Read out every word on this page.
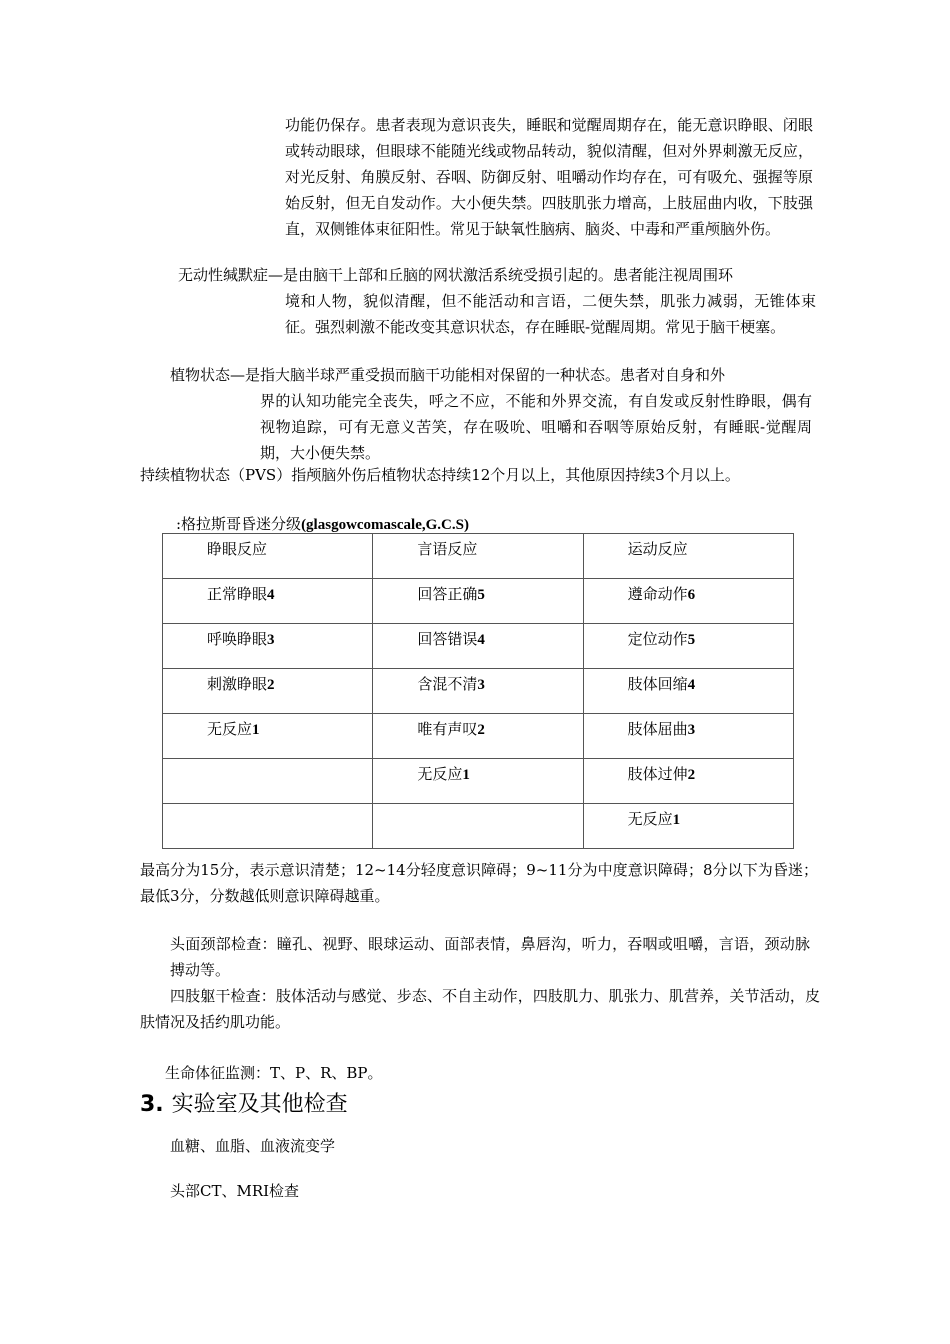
功能仍保存。患者表现为意识丧失，睡眠和觉醒周期存在，能无意识睁眼、闭眼或转动眼球，但眼球不能随光线或物品转动，貌似清醒，但对外界刺激无反应，对光反射、角膜反射、吞咽、防御反射、咀嚼动作均存在，可有吸允、强握等原始反射，但无自发动作。大小便失禁。四肢肌张力增高，上肢屈曲内收，下肢强直，双侧锥体束征阳性。常见于缺氧性脑病、脑炎、中毒和严重颅脑外伤。
无动性缄默症—是由脑干上部和丘脑的网状激活系统受损引起的。患者能注视周围环
境和人物，貌似清醒，但不能活动和言语，二便失禁，肌张力减弱，无锥体束征。强烈刺激不能改变其意识状态，存在睡眠-觉醒周期。常见于脑干梗塞。
植物状态—是指大脑半球严重受损而脑干功能相对保留的一种状态。患者对自身和外
界的认知功能完全丧失，呼之不应，不能和外界交流，有自发或反射性睁眼，偶有视物追踪，可有无意义苦笑，存在吸吮、咀嚼和吞咽等原始反射，有睡眠-觉醒周期，大小便失禁。
持续植物状态（PVS）指颅脑外伤后植物状态持续12个月以上，其他原因持续3个月以上。
:格拉斯哥昏迷分级(glasgowcomascale,G.C.S)
睁眼反应	言语反应	运动反应
正常睁眼4	回答正确5	遵命动作6
呼唤睁眼3	回答错误4	定位动作5
刺激睁眼2	含混不清3	肢体回缩4
无反应1	唯有声叹2	肢体屈曲3
	无反应1	肢体过伸2
		无反应1
最高分为15分，表示意识清楚；12~14分轻度意识障碍；9~11分为中度意识障碍；8分以下为昏迷；最低3分，分数越低则意识障碍越重。
头面颈部检查：瞳孔、视野、眼球运动、面部表情，鼻唇沟，听力，吞咽或咀嚼，言语，颈动脉搏动等。
四肢躯干检查：肢体活动与感觉、步态、不自主动作，四肢肌力、肌张力、肌营养，关节活动，皮肤情况及括约肌功能。
生命体征监测：T、P、R、BP。
3. 实验室及其他检查
血糖、血脂、血液流变学
头部CT、MRI检查
